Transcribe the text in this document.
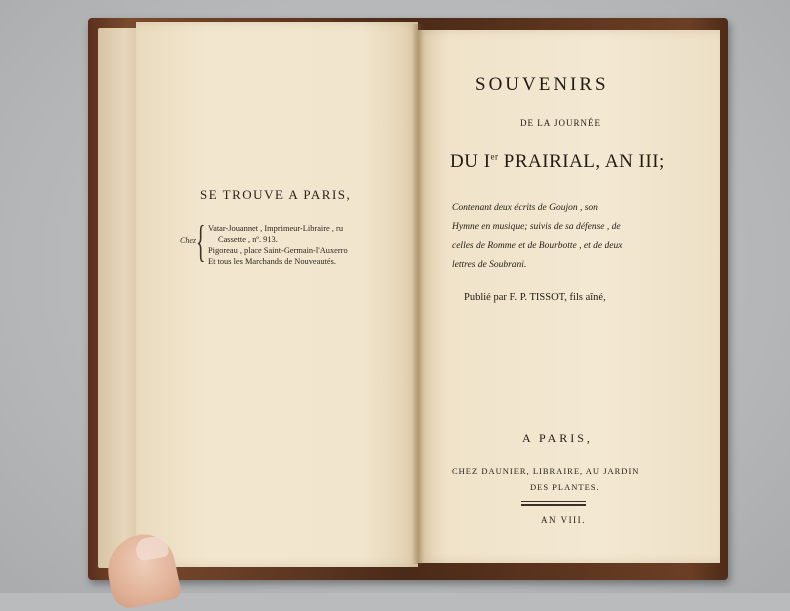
SE TROUVE A PARIS,
Chez { Vatar-Jouannet , Imprimeur-Libraire , ru
Cassette , nº. 913.
Pigoreau , place Saint-Germain-l'Auxerro
Et tous les Marchands de Nouveautés.
SOUVENIRS
DE LA JOURNÉE
DU Ier PRAIRIAL, AN III;
Contenant deux écrits de Goujon , son
Hymne en musique; suivis de sa défense , de
celles de Romme et de Bourbotte , et de deux
lettres de Soubrani.
Publié par F. P. TISSOT, fils aîné,
A PARIS,
CHEZ DAUNIER, LIBRAIRE, AU JARDIN
DES PLANTES.
AN VIII.
